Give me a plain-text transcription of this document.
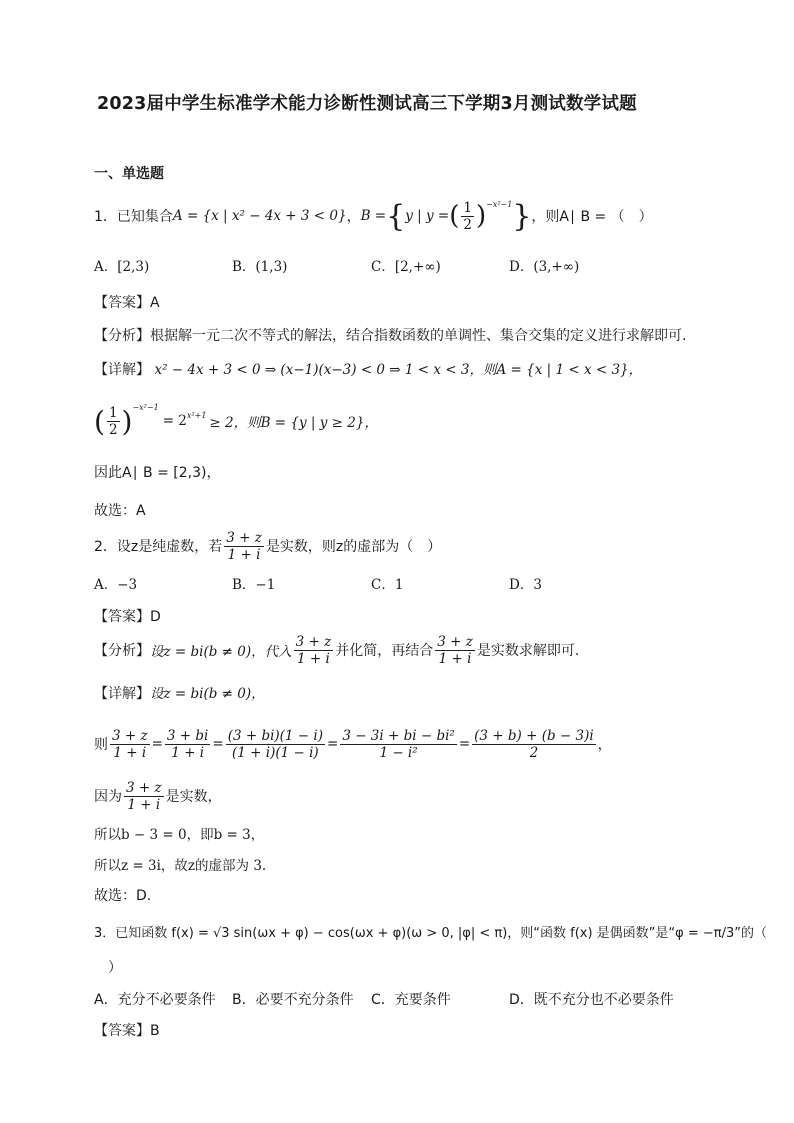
2023届中学生标准学术能力诊断性测试高三下学期3月测试数学试题
一、单选题
1．已知集合 A = {x | x² − 4x + 3 < 0} ， B = { y | y = ( $\frac{1}{2}$ ) −x²−1 } ，则A∣ B = （　）
A．[2,3)	B．(1,3)	C．[2,+∞)	D．(3,+∞)
【答案】A
【分析】根据解一元二次不等式的解法，结合指数函数的单调性、集合交集的定义进行求解即可.
【详解】 x² − 4x + 3 < 0 ⇒ (x−1)(x−3) < 0 ⇒ 1 < x < 3，则A = {x | 1 < x < 3}，
( $\frac{1}{2}$ ) −x²−1
= 2 x²+1 ≥ 2，则B = {y | y ≥ 2}，
因此A∣ B = [2,3)，
故选：A
2．设z是纯虚数，若 $\frac{3 + z}{1 + i}$ 是实数，则z的虚部为（　）
A．−3	B．−1	C．1	D．3
【答案】D
【分析】 设z = bi(b ≠ 0)，代入 $\frac{3 + z}{1 + i}$ 并化简，再结合 $\frac{3 + z}{1 + i}$ 是实数求解即可.
【详解】设z = bi(b ≠ 0)，
则 $\frac{3 + z}{1 + i} = \frac{3 + bi}{1 + i} = \frac{(3 + bi)(1 - i)}{(1 + i)(1 - i)} = \frac{\text{3 − 3i + bi − bi²}}{\text{1 − i²}} = \frac{(3 + b) + (b - 3)i}{2}$ ，
因为 $\frac{3 + z}{1 + i}$ 是实数，
所以b − 3 = 0，即b = 3，
所以z = 3i，故z的虚部为 3.
故选：D.
3．已知函数 f(x) = √3 sin(ωx + φ) − cos(ωx + φ)(ω > 0, |φ| < π)，则“函数 f(x) 是偶函数”是“φ = −π/3”的（
）
A．充分不必要条件 B．必要不充分条件 C．充要条件	D．既不充分也不必要条件
【答案】B
